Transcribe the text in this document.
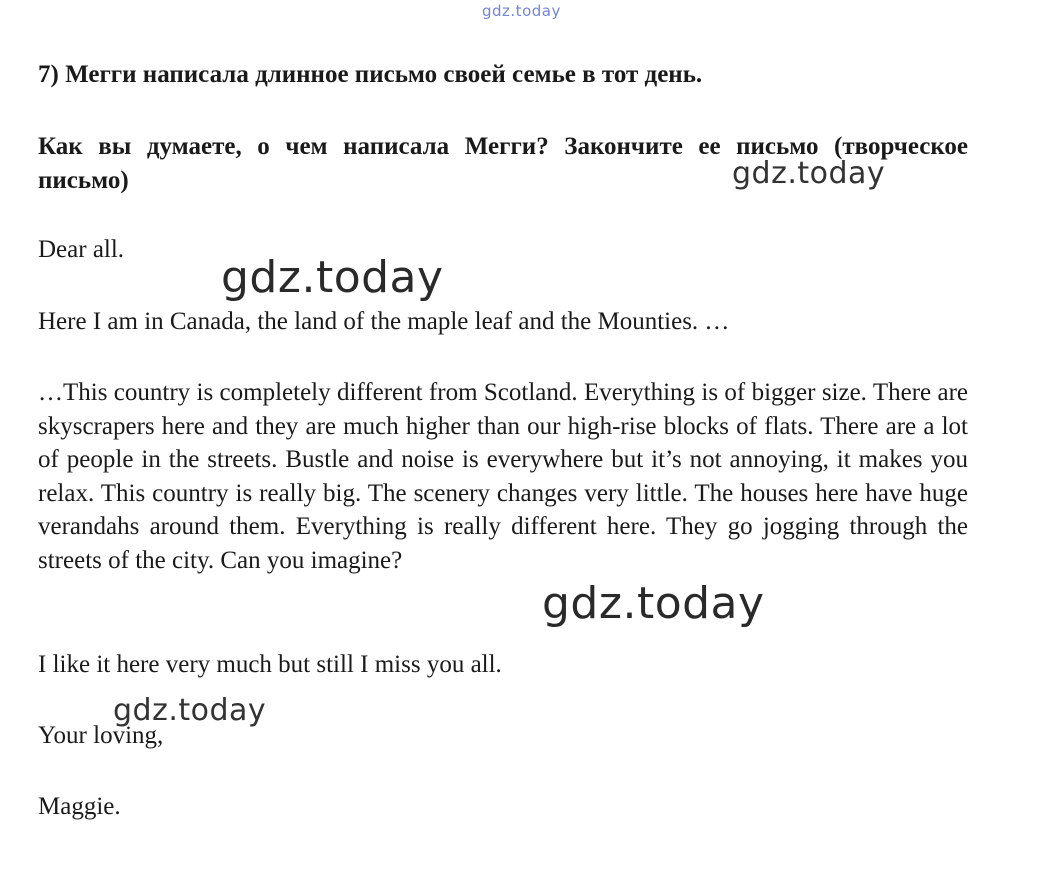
gdz.today

7) Мегги написала длинное письмо своей семье в тот день.

Как вы думаете, о чем написала Мегги? Закончите ее письмо (творческое письмо)	gdz.today

Dear all.

gdz.today

Here I am in Canada, the land of the maple leaf and the Mounties. …

…This country is completely different from Scotland. Everything is of bigger size. There are skyscrapers here and they are much higher than our high-rise blocks of flats. There are a lot of people in the streets. Bustle and noise is everywhere but it’s not annoying, it makes you relax. This country is really big. The scenery changes very little. The houses here have huge verandahs around them. Everything is really different here. They go jogging through the streets of the city. Can you imagine?

gdz.today

I like it here very much but still I miss you all.

gdz.today

Your loving,

Maggie.
